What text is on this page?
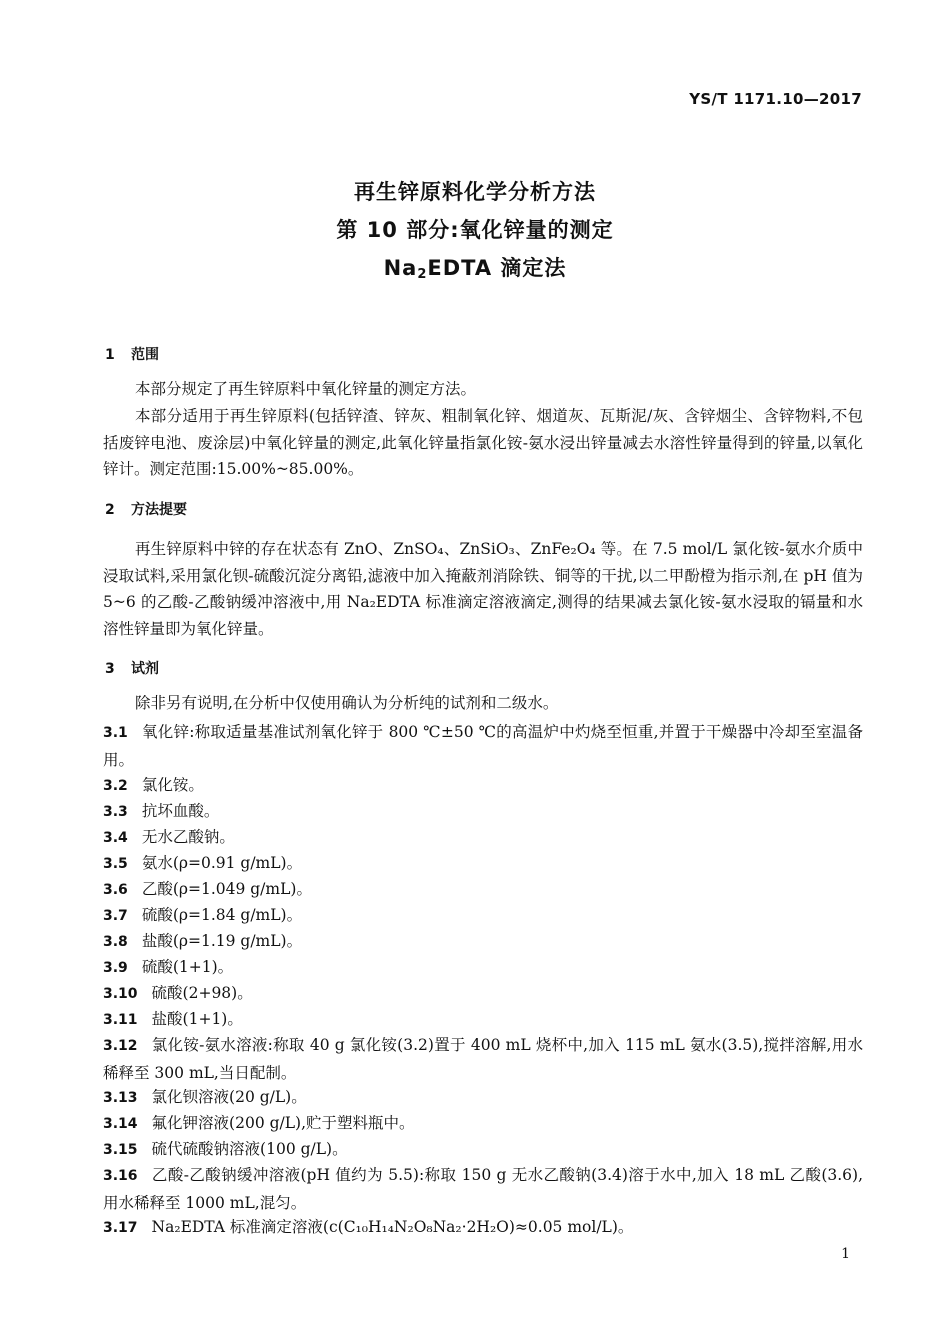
YS/T 1171.10—2017
再生锌原料化学分析方法
第 10 部分:氧化锌量的测定
$Na_2EDTA$ 滴定法
1 范围
本部分规定了再生锌原料中氧化锌量的测定方法。
本部分适用于再生锌原料(包括锌渣、锌灰、粗制氧化锌、烟道灰、瓦斯泥/灰、含锌烟尘、含锌物料,不包括废锌电池、废涂层)中氧化锌量的测定,此氧化锌量指氯化铵-氨水浸出锌量减去水溶性锌量得到的锌量,以氧化锌计。测定范围:15.00%~85.00%。
2 方法提要
再生锌原料中锌的存在状态有 ZnO、ZnSO₄、ZnSiO₃、ZnFe₂O₄ 等。在 7.5 mol/L 氯化铵-氨水介质中浸取试料,采用氯化钡-硫酸沉淀分离铅,滤液中加入掩蔽剂消除铁、铜等的干扰,以二甲酚橙为指示剂,在 pH 值为 5~6 的乙酸-乙酸钠缓冲溶液中,用 Na₂EDTA 标准滴定溶液滴定,测得的结果减去氯化铵-氨水浸取的镉量和水溶性锌量即为氧化锌量。
3 试剂
除非另有说明,在分析中仅使用确认为分析纯的试剂和二级水。
3.1 氧化锌:称取适量基准试剂氧化锌于 800 ℃±50 ℃的高温炉中灼烧至恒重,并置于干燥器中冷却至室温备用。
3.2 氯化铵。
3.3 抗坏血酸。
3.4 无水乙酸钠。
3.5 氨水(ρ=0.91 g/mL)。
3.6 乙酸(ρ=1.049 g/mL)。
3.7 硫酸(ρ=1.84 g/mL)。
3.8 盐酸(ρ=1.19 g/mL)。
3.9 硫酸(1+1)。
3.10 硫酸(2+98)。
3.11 盐酸(1+1)。
3.12 氯化铵-氨水溶液:称取 40 g 氯化铵(3.2)置于 400 mL 烧杯中,加入 115 mL 氨水(3.5),搅拌溶解,用水稀释至 300 mL,当日配制。
3.13 氯化钡溶液(20 g/L)。
3.14 氟化钾溶液(200 g/L),贮于塑料瓶中。
3.15 硫代硫酸钠溶液(100 g/L)。
3.16 乙酸-乙酸钠缓冲溶液(pH 值约为 5.5):称取 150 g 无水乙酸钠(3.4)溶于水中,加入 18 mL 乙酸(3.6),用水稀释至 1000 mL,混匀。
3.17 Na₂EDTA 标准滴定溶液(c(C₁₀H₁₄N₂O₈Na₂·2H₂O)≈0.05 mol/L)。
1
